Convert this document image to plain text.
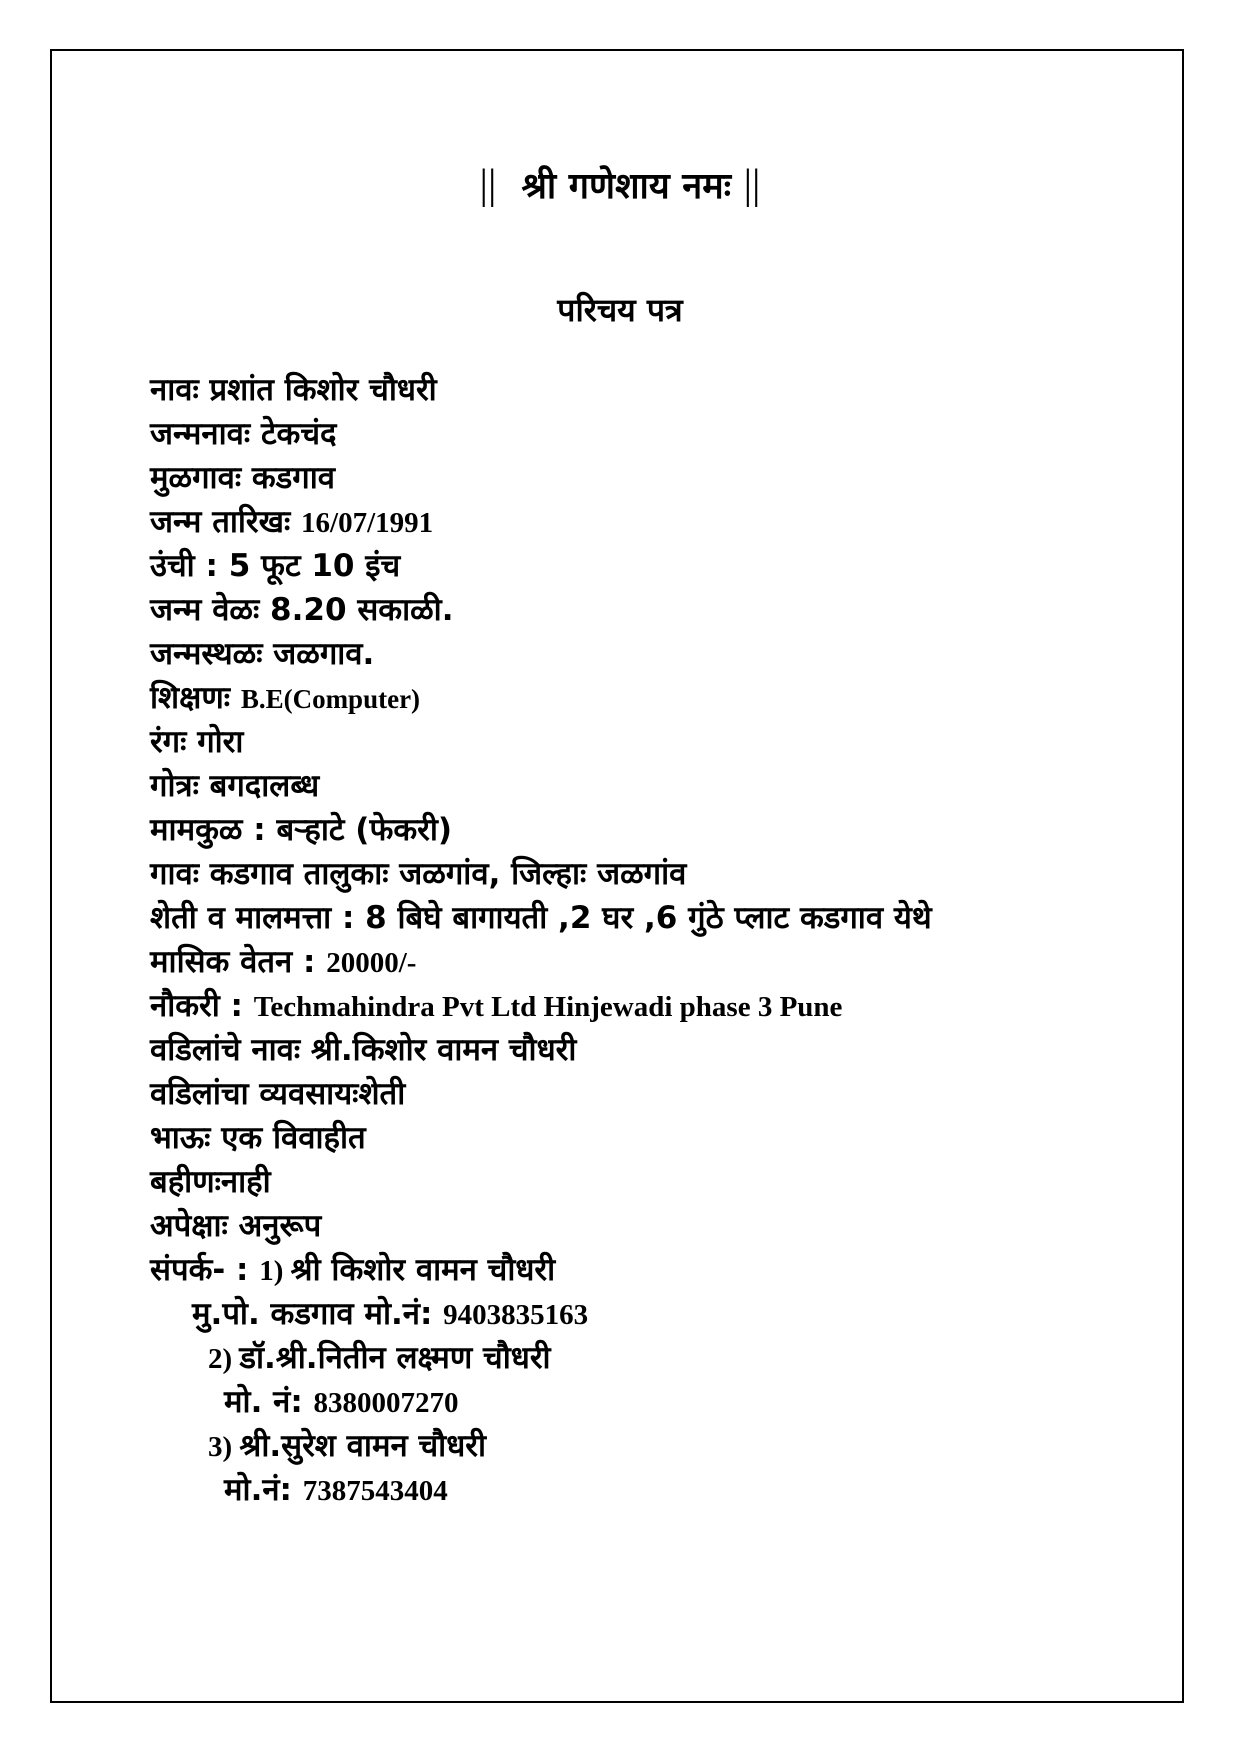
|| श्री गणेशाय नमः ||
परिचय पत्र
नावः प्रशांत किशोर चौधरी
जन्मनावः टेकचंद
मुळगावः कडगाव
जन्म तारिखः 16/07/1991
उंची : 5 फूट 10 इंच
जन्म वेळः 8.20 सकाळी.
जन्मस्थळः जळगाव.
शिक्षणः B.E(Computer)
रंगः गोरा
गोत्रः बगदालब्ध
मामकुळ : बऱ्हाटे (फेकरी)
गावः कडगाव तालुकाः जळगांव, जिल्हाः जळगांव
शेती व मालमत्ता : 8 बिघे बागायती ,2 घर ,6 गुंठे प्लाट कडगाव येथे
मासिक वेतन : 20000/-
नौकरी : Techmahindra Pvt Ltd Hinjewadi phase 3 Pune
वडिलांचे नावः श्री.किशोर वामन चौधरी
वडिलांचा व्यवसायःशेती
भाऊः एक विवाहीत
बहीणःनाही
अपेक्षाः अनुरूप
संपर्क- : 1) श्री किशोर वामन चौधरी
मु.पो. कडगाव मो.नं: 9403835163
2) डॉ.श्री.नितीन लक्ष्मण चौधरी
मो. नं: 8380007270
3) श्री.सुरेश वामन चौधरी
मो.नं: 7387543404
